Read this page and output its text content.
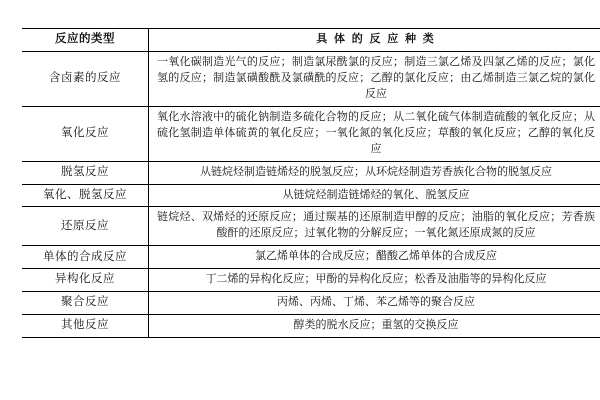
反应的类型	具 体 的 反 应 种 类
含卤素的反应	一氧化碳制造光气的反应；制造氯尿酰氯的反应；制造三氯乙烯及四氯乙烯的反应；氯化氢的反应；制造氯磺酸酰及氯磺酰的反应；乙醇的氯化反应；由乙烯制造三氯乙烷的氯化反应
氧化反应	氧化水溶液中的硫化钠制造多硫化合物的反应；从二氧化硫气体制造硫酸的氧化反应；从硫化氢制造单体硫黄的氧化反应；一氧化氮的氧化反应；草酸的氧化反应；乙醇的氧化反应
脱氢反应	从链烷烃制造链烯烃的脱氢反应；从环烷烃制造芳香族化合物的脱氢反应
氧化、脱氢反应	从链烷烃制造链烯烃的氧化、脱氢反应
还原反应	链烷烃、双烯烃的还原反应；通过羰基的还原制造甲醇的反应；油脂的氧化反应；芳香族酸酐的还原反应；过氧化物的分解反应；一氧化氮还原成氮的反应
单体的合成反应	氯乙烯单体的合成反应；醋酸乙烯单体的合成反应
异构化反应	丁二烯的异构化反应；甲酚的异构化反应；松香及油脂等的异构化反应
聚合反应	丙烯、丙烯、丁烯、苯乙烯等的聚合反应
其他反应	醇类的脱水反应；重氢的交换反应
